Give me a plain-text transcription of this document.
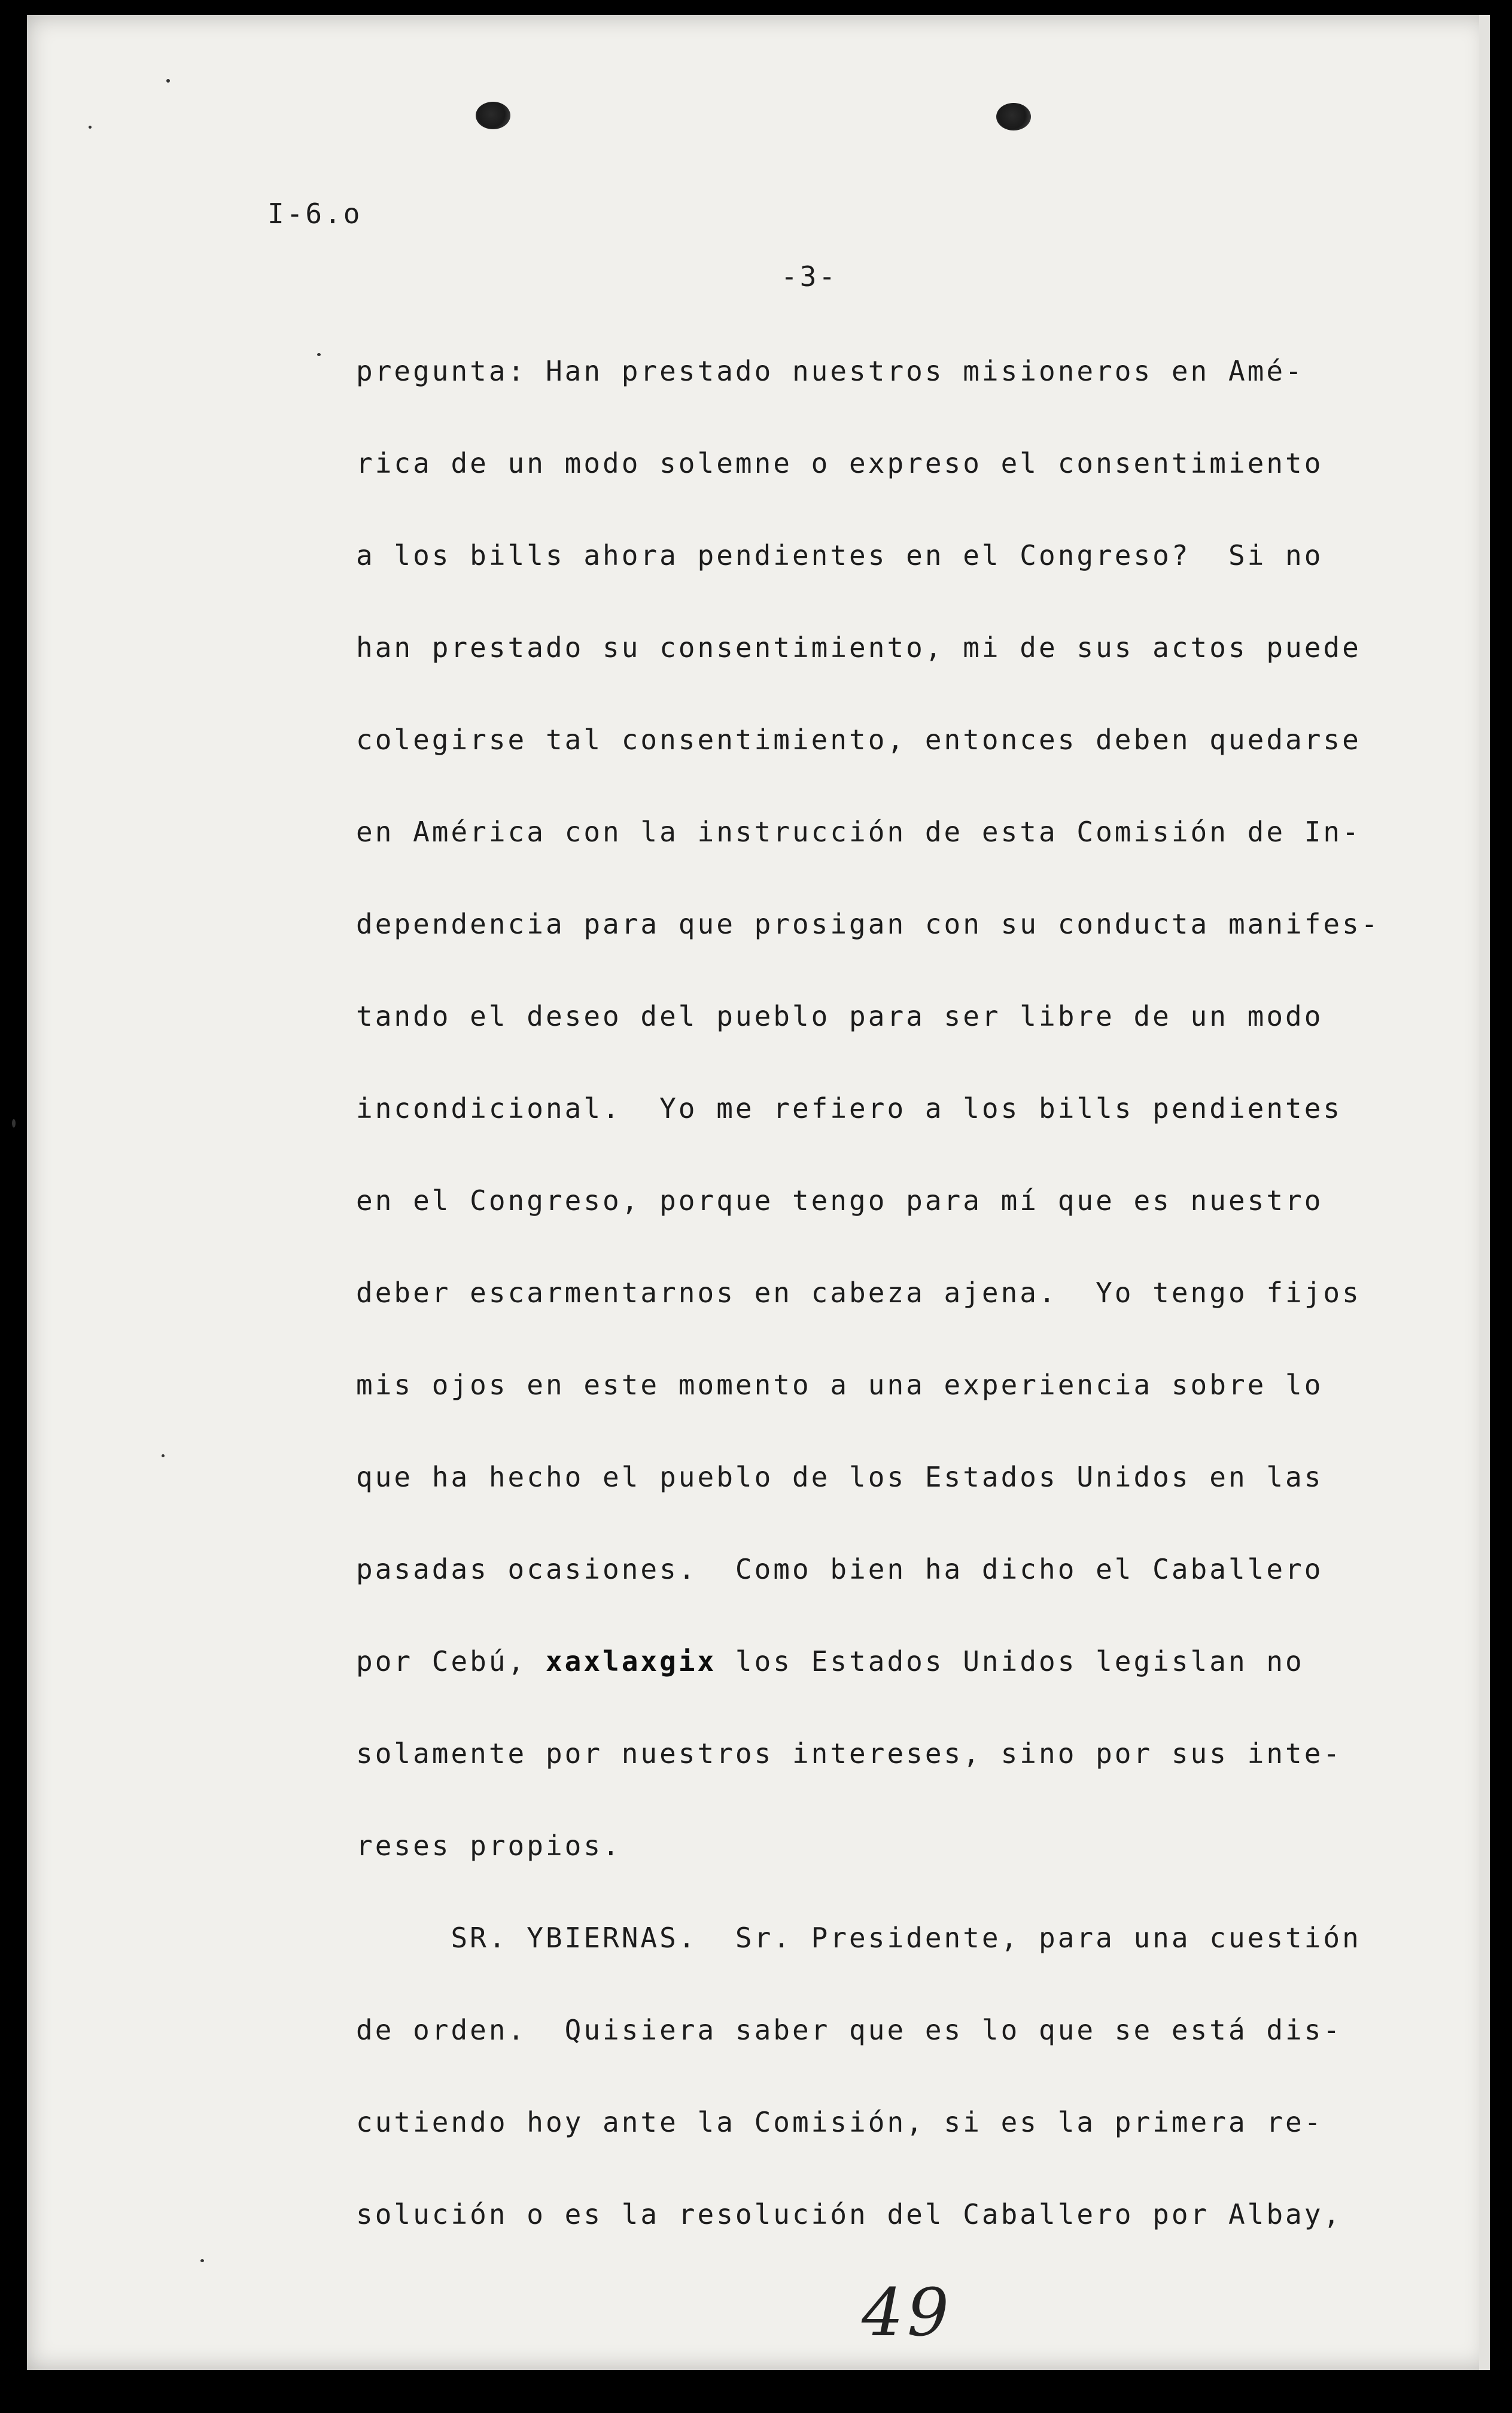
I-6.o
-3-
pregunta: Han prestado nuestros misioneros en Amé-
rica de un modo solemne o expreso el consentimiento
a los bills ahora pendientes en el Congreso?  Si no
han prestado su consentimiento, mi de sus actos puede
colegirse tal consentimiento, entonces deben quedarse
en América con la instrucción de esta Comisión de In-
dependencia para que prosigan con su conducta manifes-
tando el deseo del pueblo para ser libre de un modo
incondicional.  Yo me refiero a los bills pendientes
en el Congreso, porque tengo para mí que es nuestro
deber escarmentarnos en cabeza ajena.  Yo tengo fijos
mis ojos en este momento a una experiencia sobre lo
que ha hecho el pueblo de los Estados Unidos en las
pasadas ocasiones.  Como bien ha dicho el Caballero
por Cebú, xaxlaxgix los Estados Unidos legislan no
solamente por nuestros intereses, sino por sus inte-
reses propios.
SR. YBIERNAS.  Sr. Presidente, para una cuestión
de orden.  Quisiera saber que es lo que se está dis-
cutiendo hoy ante la Comisión, si es la primera re-
solución o es la resolución del Caballero por Albay,
49
